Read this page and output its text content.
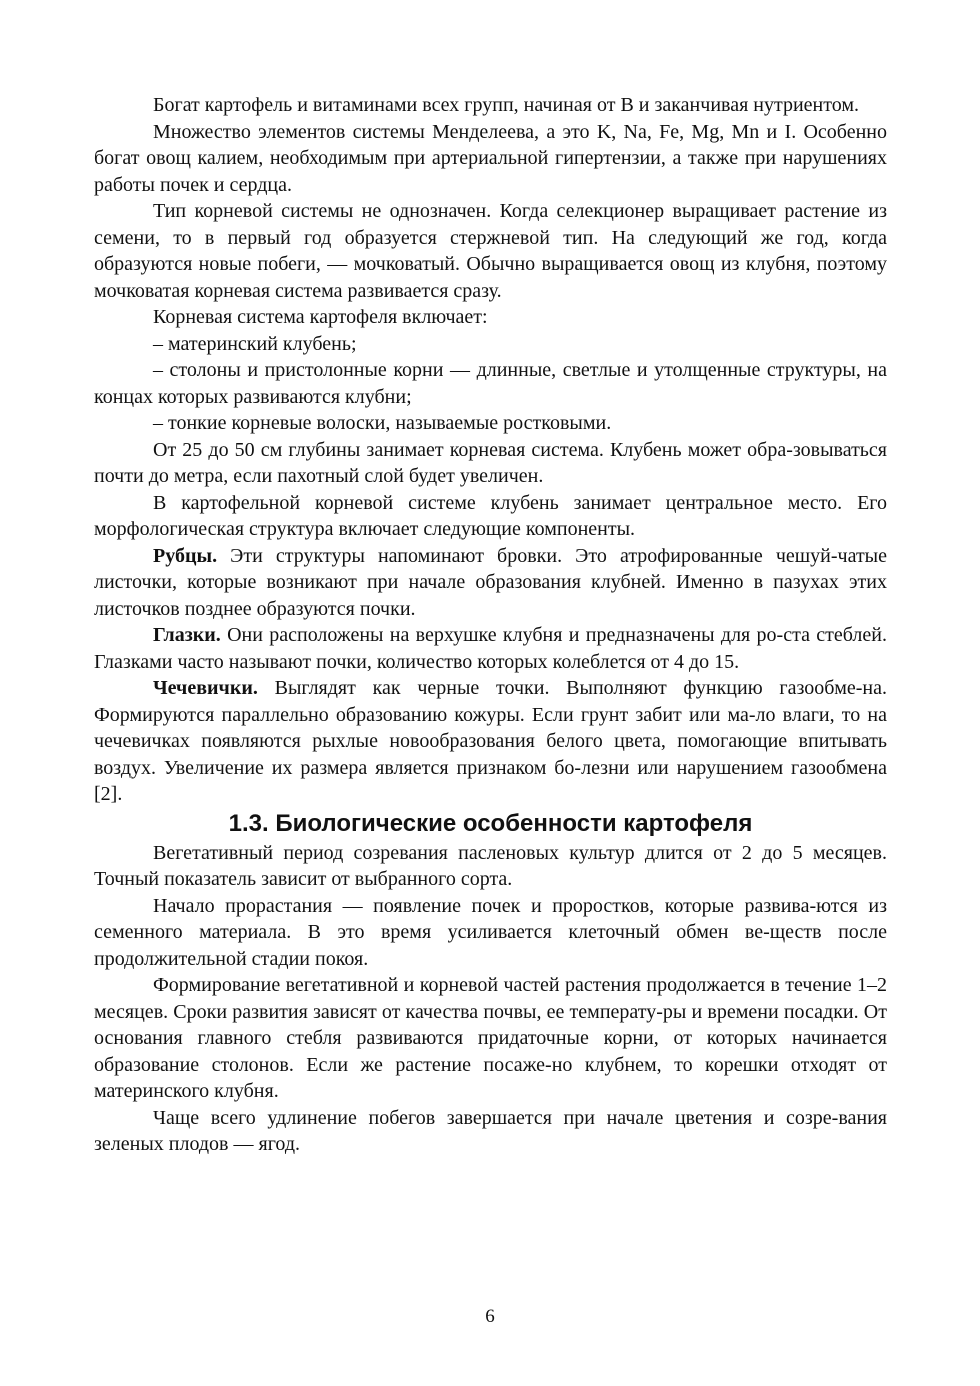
Богат картофель и витаминами всех групп, начиная от В и заканчивая нутриентом.

Множество элементов системы Менделеева, а это K, Na, Fe, Mg, Mn и I. Особенно богат овощ калием, необходимым при артериальной гипертензии, а также при нарушениях работы почек и сердца.

Тип корневой системы не однозначен. Когда селекционер выращивает растение из семени, то в первый год образуется стержневой тип. На следующий же год, когда образуются новые побеги, — мочковатый. Обычно выращивается овощ из клубня, поэтому мочковатая корневая система развивается сразу.

Корневая система картофеля включает:

– материнский клубень;

– столоны и пристолонные корни — длинные, светлые и утолщенные структуры, на концах которых развиваются клубни;

– тонкие корневые волоски, называемые ростковыми.

От 25 до 50 см глубины занимает корневая система. Клубень может обра-зовываться почти до метра, если пахотный слой будет увеличен.

В картофельной корневой системе клубень занимает центральное место. Его морфологическая структура включает следующие компоненты.

Рубцы. Эти структуры напоминают бровки. Это атрофированные чешуй-чатые листочки, которые возникают при начале образования клубней. Именно в пазухах этих листочков позднее образуются почки.

Глазки. Они расположены на верхушке клубня и предназначены для ро-ста стеблей. Глазками часто называют почки, количество которых колеблется от 4 до 15.

Чечевички. Выглядят как черные точки. Выполняют функцию газообме-на. Формируются параллельно образованию кожуры. Если грунт забит или ма-ло влаги, то на чечевичках появляются рыхлые новообразования белого цвета, помогающие впитывать воздух. Увеличение их размера является признаком бо-лезни или нарушением газообмена [2].

1.3. Биологические особенности картофеля

Вегетативный период созревания пасленовых культур длится от 2 до 5 месяцев. Точный показатель зависит от выбранного сорта.

Начало прорастания — появление почек и проростков, которые развива-ются из семенного материала. В это время усиливается клеточный обмен ве-ществ после продолжительной стадии покоя.

Формирование вегетативной и корневой частей растения продолжается в течение 1–2 месяцев. Сроки развития зависят от качества почвы, ее температу-ры и времени посадки. От основания главного стебля развиваются придаточные корни, от которых начинается образование столонов. Если же растение посаже-но клубнем, то корешки отходят от материнского клубня.

Чаще всего удлинение побегов завершается при начале цветения и созре-вания зеленых плодов — ягод.

6
